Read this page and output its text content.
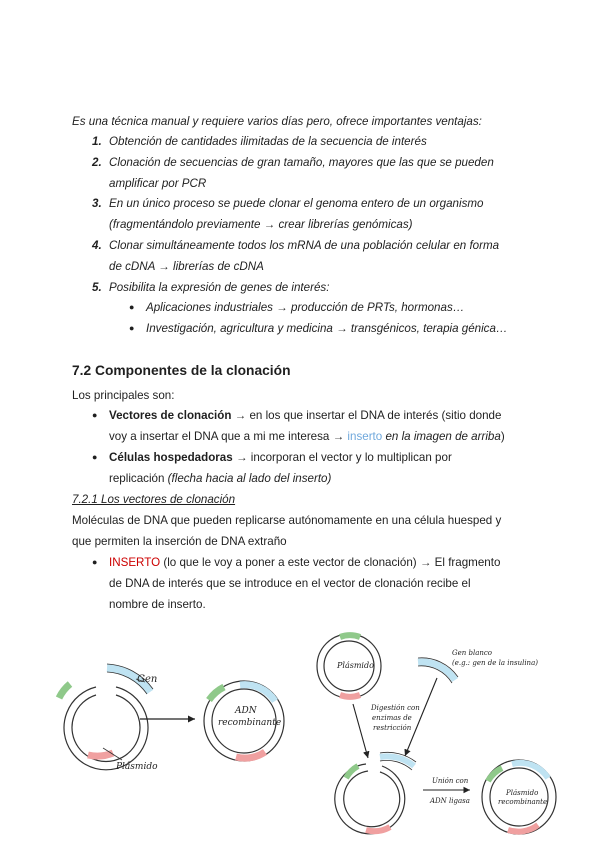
Es una técnica manual y requiere varios días pero, ofrece importantes ventajas:
1. Obtención de cantidades ilimitadas de la secuencia de interés
2. Clonación de secuencias de gran tamaño, mayores que las que se pueden
amplificar por PCR
3. En un único proceso se puede clonar el genoma entero de un organismo
(fragmentándolo previamente → crear librerías genómicas)
4. Clonar simultáneamente todos los mRNA de una población celular en forma
de cDNA → librerías de cDNA
5. Posibilita la expresión de genes de interés:
● Aplicaciones industriales → producción de PRTs, hormonas…
● Investigación, agricultura y medicina → transgénicos, terapia génica…
7.2 Componentes de la clonación
Los principales son:
● Vectores de clonación → en los que insertar el DNA de interés (sitio donde
voy a insertar el DNA que a mi me interesa → inserto en la imagen de arriba)
● Células hospedadoras → incorporan el vector y lo multiplican por
replicación (flecha hacia al lado del inserto)
7.2.1 Los vectores de clonación
Moléculas de DNA que pueden replicarse autónomamente en una célula huesped y
que permiten la inserción de DNA extraño
● INSERTO (lo que le voy a poner a este vector de clonación) → El fragmento
de DNA de interés que se introduce en el vector de clonación recibe el
nombre de inserto.
Gen
Plásmido
ADN
recombinante
Plásmido
Gen blanco
(e.g.: gen de la insulina)
Digestión con
enzimas de
restricción
Unión con
ADN ligasa
Plásmido
recombinante
